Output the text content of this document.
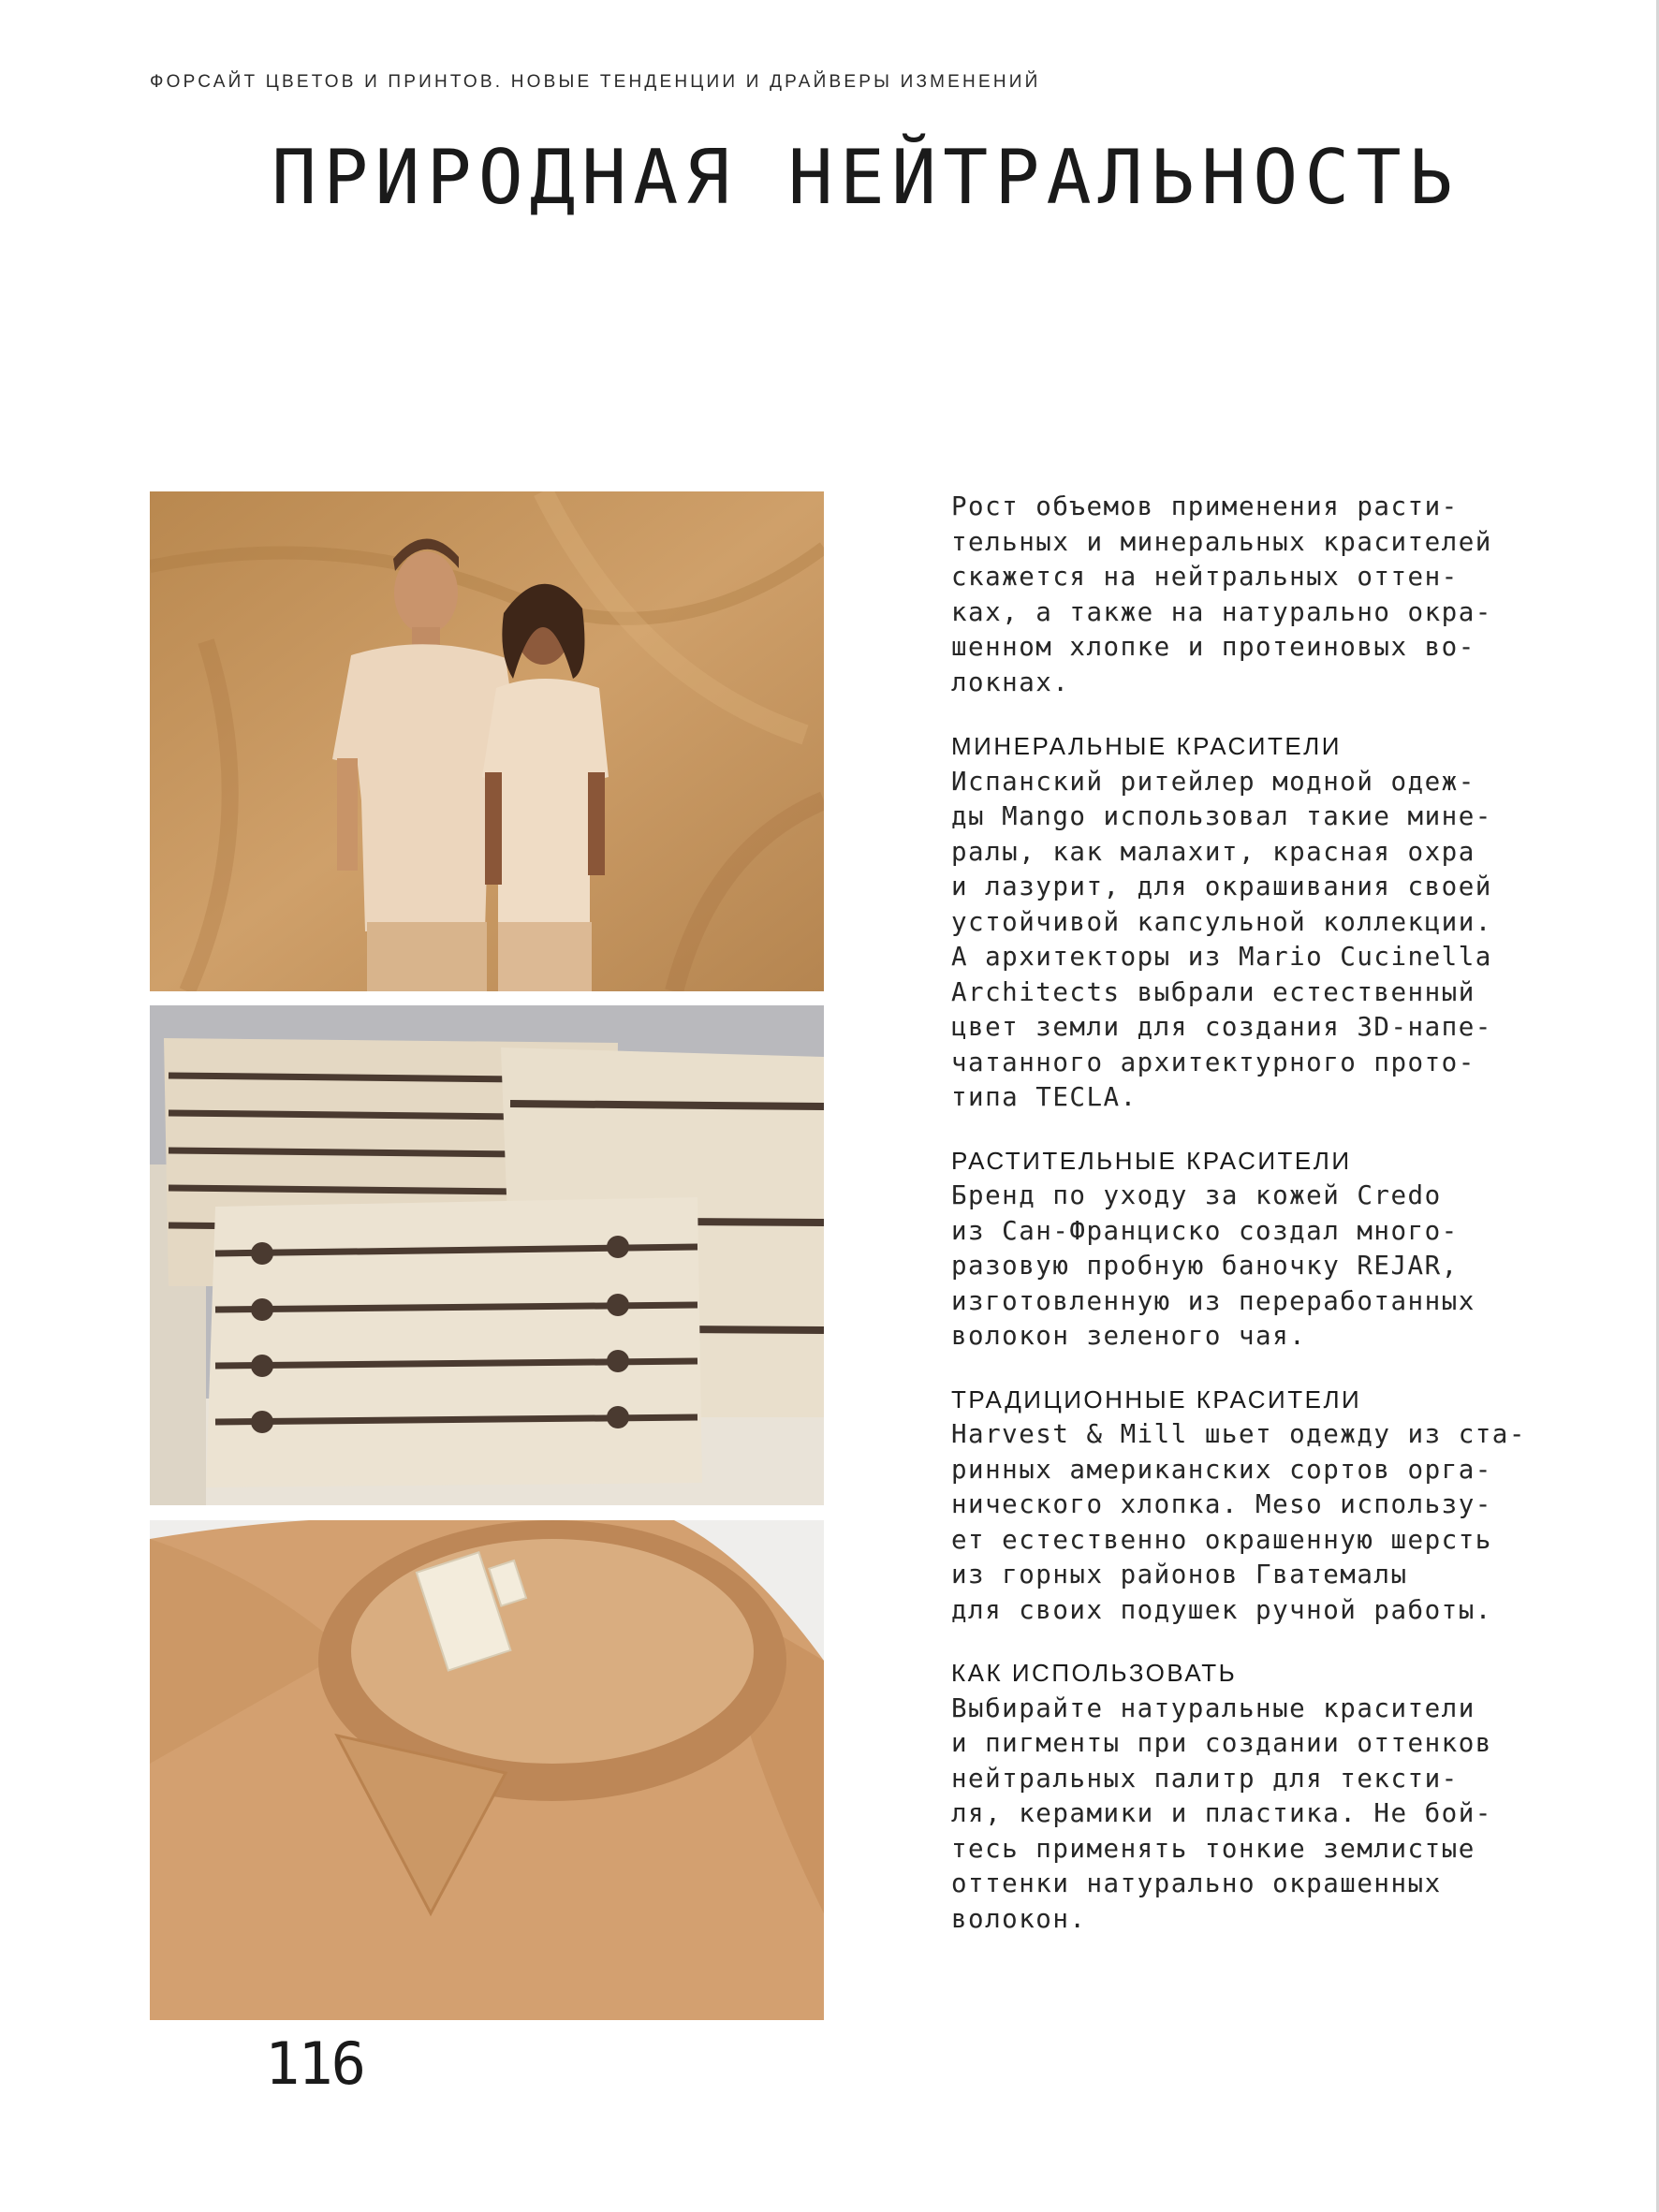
ФОРСАЙТ ЦВЕТОВ И ПРИНТОВ. НОВЫЕ ТЕНДЕНЦИИ И ДРАЙВЕРЫ ИЗМЕНЕНИЙ
ПРИРОДНАЯ НЕЙТРАЛЬНОСТЬ

Рост объемов применения расти-
тельных и минеральных красителей
скажется на нейтральных оттен-
ках, а также на натурально окра-
шенном хлопке и протеиновых во-
локнах.

МИНЕРАЛЬНЫЕ КРАСИТЕЛИ

Испанский ритейлер модной одеж-
ды Mango использовал такие мине-
ралы, как малахит, красная охра
и лазурит, для окрашивания своей
устойчивой капсульной коллекции.
А архитекторы из Mario Cucinella
Architects выбрали естественный
цвет земли для создания 3D-напе-
чатанного архитектурного прото-
типа TECLA.

РАСТИТЕЛЬНЫЕ КРАСИТЕЛИ

Бренд по уходу за кожей Credo
из Сан-Франциско создал много-
разовую пробную баночку REJAR,
изготовленную из переработанных
волокон зеленого чая.

ТРАДИЦИОННЫЕ КРАСИТЕЛИ

Harvest & Mill шьет одежду из ста-
ринных американских сортов орга-
нического хлопка. Meso использу-
ет естественно окрашенную шерсть
из горных районов Гватемалы
для своих подушек ручной работы.

КАК ИСПОЛЬЗОВАТЬ

Выбирайте натуральные красители
и пигменты при создании оттенков
нейтральных палитр для тексти-
ля, керамики и пластика. Не бой-
тесь применять тонкие землистые
оттенки натурально окрашенных
волокон.

116
